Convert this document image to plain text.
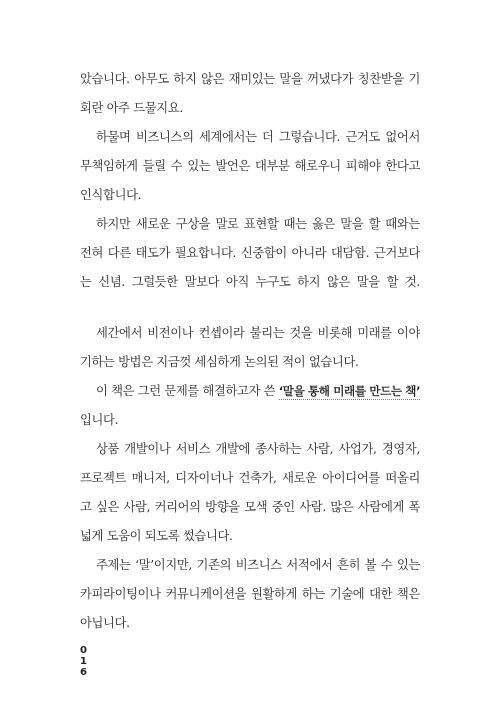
았습니다. 아무도 하지 않은 재미있는 말을 꺼냈다가 칭찬받을 기
회란 아주 드물지요.
하물며 비즈니스의 세계에서는 더 그렇습니다. 근거도 없어서
무책임하게 들릴 수 있는 발언은 대부분 해로우니 피해야 한다고
인식합니다.
하지만 새로운 구상을 말로 표현할 때는 옳은 말을 할 때와는
전혀 다른 태도가 필요합니다. 신중함이 아니라 대담함. 근거보다
는 신념. 그럴듯한 말보다 아직 누구도 하지 않은 말을 할 것.
세간에서 비전이나 컨셉이라 불리는 것을 비롯해 미래를 이야
기하는 방법은 지금껏 세심하게 논의된 적이 없습니다.
이 책은 그런 문제를 해결하고자 쓴 ‘말을 통해 미래를 만드는 책’
입니다.
상품 개발이나 서비스 개발에 종사하는 사람, 사업가, 경영자,
프로젝트 매니저, 디자이너나 건축가, 새로운 아이디어를 떠올리
고 싶은 사람, 커리어의 방향을 모색 중인 사람. 많은 사람에게 폭
넓게 도움이 되도록 썼습니다.
주제는 ‘말’이지만, 기존의 비즈니스 서적에서 흔히 볼 수 있는
카피라이팅이나 커뮤니케이션을 원활하게 하는 기술에 대한 책은
아닙니다.
0
1
6
